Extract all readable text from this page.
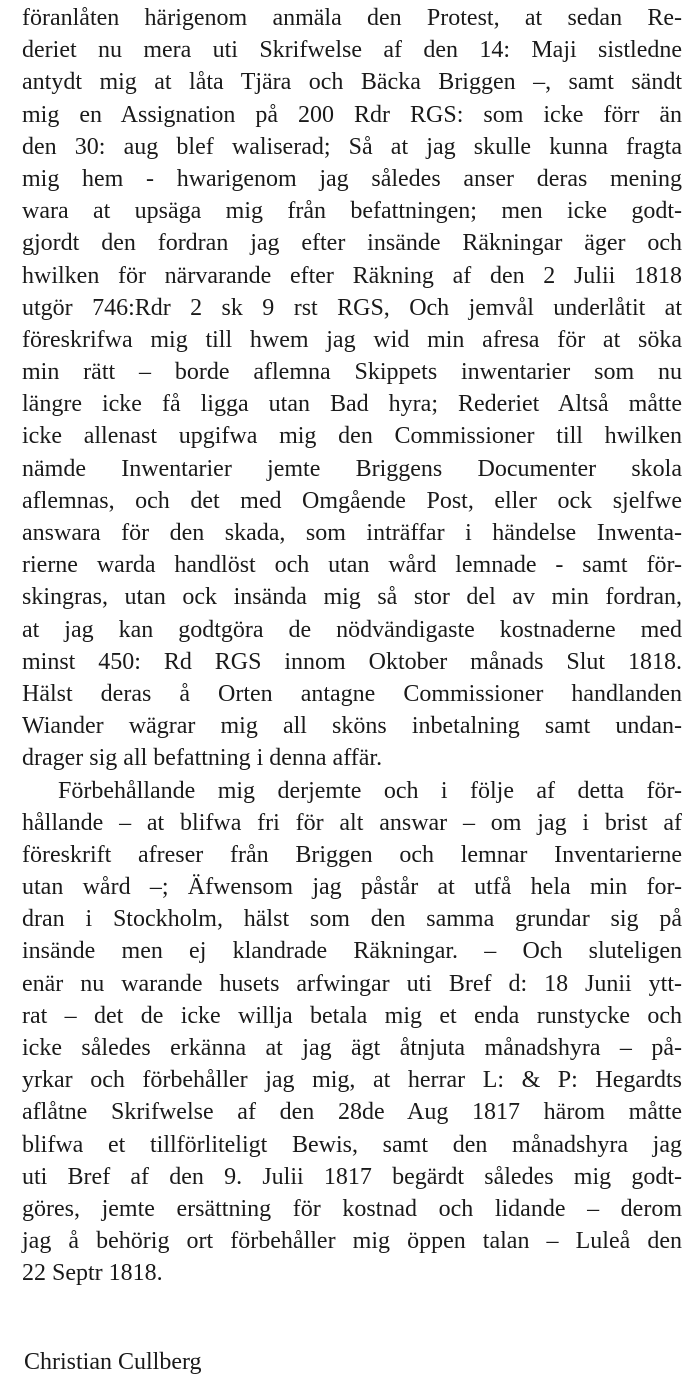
föranlåten härigenom anmäla den Protest, at sedan Re-
deriet nu mera uti Skrifwelse af den 14: Maji sistledne
antydt mig at låta Tjära och Bäcka Briggen –, samt sändt
mig en Assignation på 200 Rdr RGS: som icke förr än
den 30: aug blef waliserad; Så at jag skulle kunna fragta
mig hem - hwarigenom jag således anser deras mening
wara at upsäga mig från befattningen; men icke godt-
gjordt den fordran jag efter insände Räkningar äger och
hwilken för närvarande efter Räkning af den 2 Julii 1818
utgör 746:Rdr 2 sk 9 rst RGS, Och jemvål underlåtit at
föreskrifwa mig till hwem jag wid min afresa för at söka
min rätt – borde aflemna Skippets inwentarier som nu
längre icke få ligga utan Bad hyra; Rederiet Altså måtte
icke allenast upgifwa mig den Commissioner till hwilken
nämde Inwentarier jemte Briggens Documenter skola
aflemnas, och det med Omgående Post, eller ock sjelfwe
answara för den skada, som inträffar i händelse Inwenta-
rierne warda handlöst och utan wård lemnade - samt för-
skingras, utan ock insända mig så stor del av min fordran,
at jag kan godtgöra de nödvändigaste kostnaderne med
minst 450: Rd RGS innom Oktober månads Slut 1818.
Hälst deras å Orten antagne Commissioner handlanden
Wiander wägrar mig all sköns inbetalning samt undan-
drager sig all befattning i denna affär.
Förbehållande mig derjemte och i följe af detta för-
hållande – at blifwa fri för alt answar – om jag i brist af
föreskrift afreser från Briggen och lemnar Inventarierne
utan wård –; Äfwensom jag påstår at utfå hela min for-
dran i Stockholm, hälst som den samma grundar sig på
insände men ej klandrade Räkningar. – Och sluteligen
enär nu warande husets arfwingar uti Bref d: 18 Junii ytt-
rat – det de icke willja betala mig et enda runstycke och
icke således erkänna at jag ägt åtnjuta månadshyra – på-
yrkar och förbehåller jag mig, at herrar L: & P: Hegardts
aflåtne Skrifwelse af den 28de Aug 1817 härom måtte
blifwa et tillförliteligt Bewis, samt den månadshyra jag
uti Bref af den 9. Julii 1817 begärdt således mig godt-
göres, jemte ersättning för kostnad och lidande – derom
jag å behörig ort förbehåller mig öppen talan – Luleå den
22 Septr 1818.
Christian Cullberg
